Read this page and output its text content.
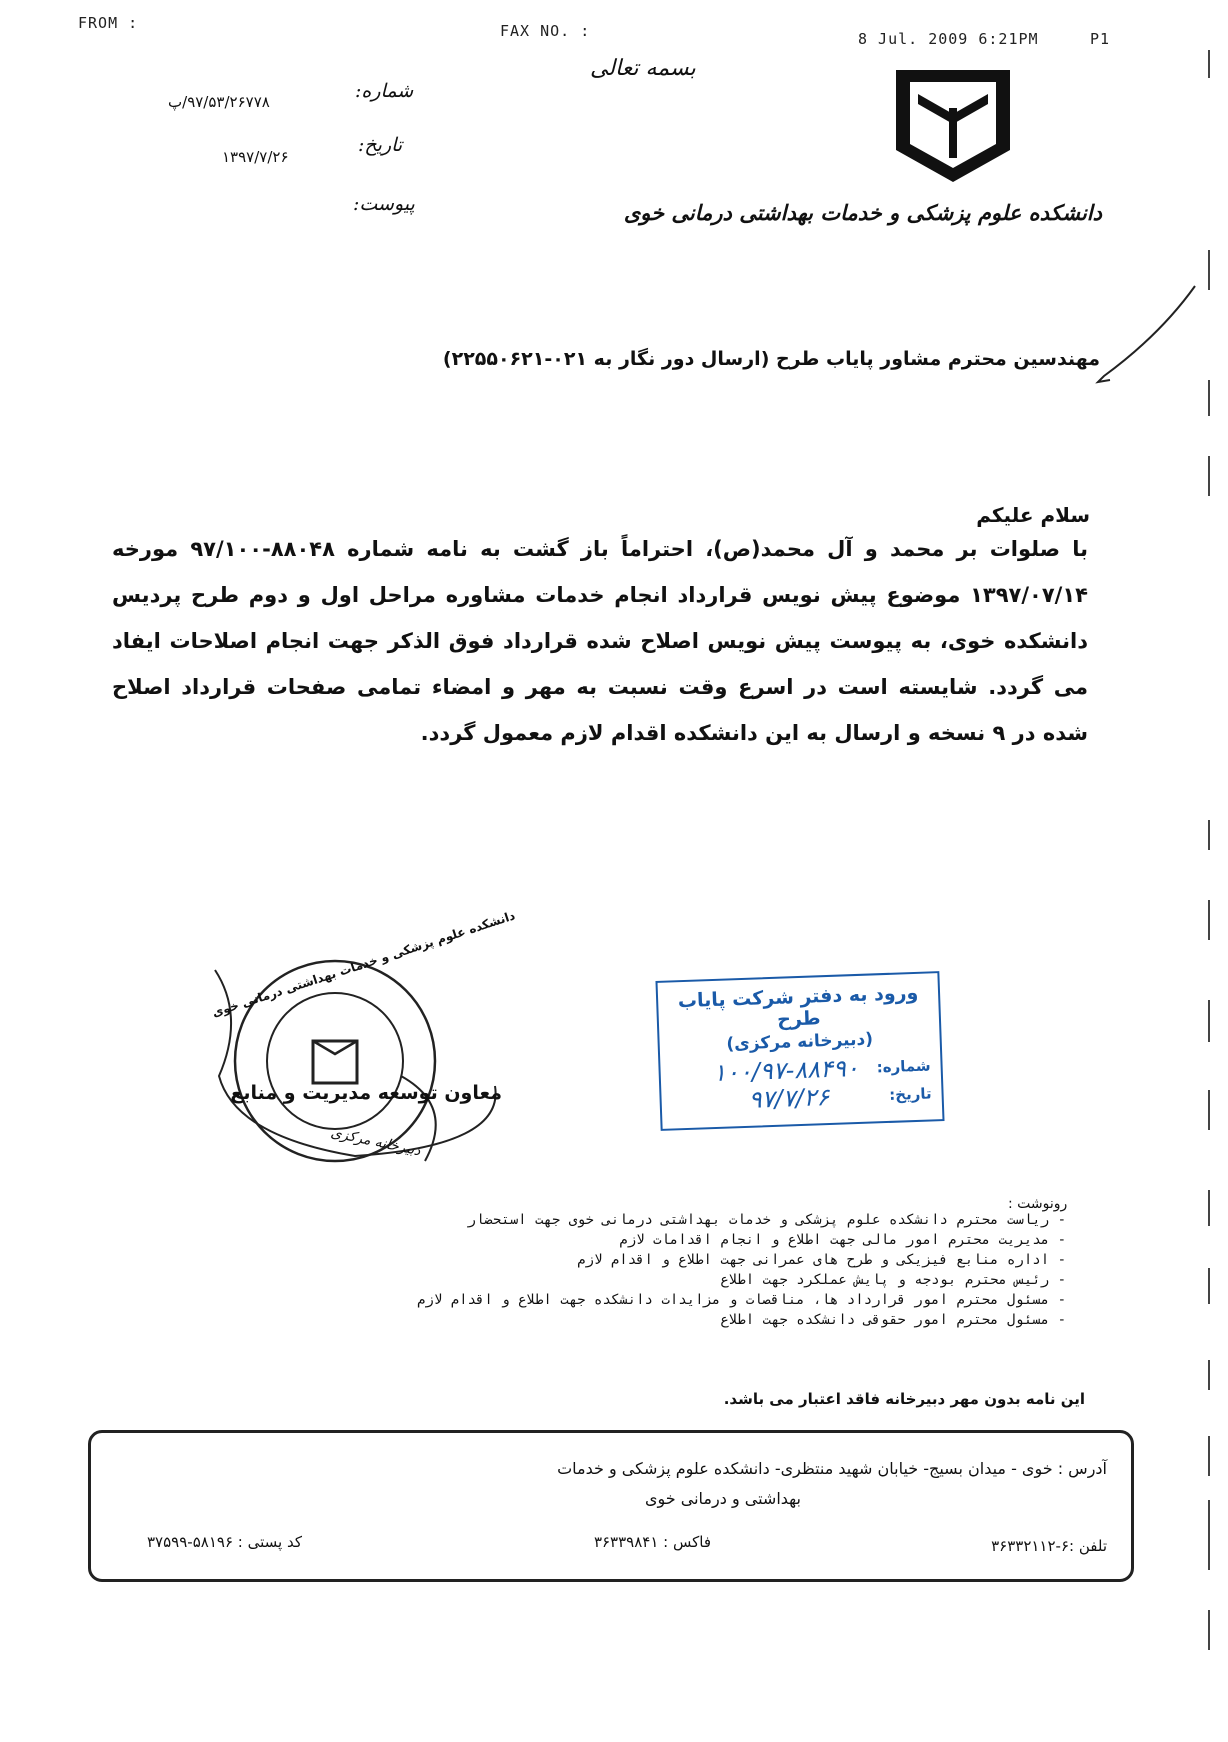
FROM :	FAX NO. :	8 Jul. 2009 6:21PM	P1
بسمه تعالی
شماره:
۹۷/۵۳/۲۶۷۷۸/پ
تاریخ:
۱۳۹۷/۷/۲۶
پیوست:	دانشکده علوم پزشکی و خدمات بهداشتی درمانی خوی
مهندسین محترم مشاور پایاب طرح (ارسال دور نگار به ۰۲۱-۲۲۵۵۰۶۲۱)
سلام علیکم
با صلوات بر محمد و آل محمد(ص)، احتراماً باز گشت به نامه شماره ۸۸۰۴۸-۹۷/۱۰۰ مورخه ۱۳۹۷/۰۷/۱۴ موضوع پیش نویس قرارداد انجام خدمات مشاوره مراحل اول و دوم طرح پردیس دانشکده خوی، به پیوست پیش نویس اصلاح شده قرارداد فوق الذکر جهت انجام اصلاحات ایفاد می گردد. شایسته است در اسرع وقت نسبت به مهر و امضاء تمامی صفحات قرارداد اصلاح شده در ۹ نسخه و ارسال به این دانشکده اقدام لازم معمول گردد.
دانشکده علوم پزشکی و خدمات بهداشتی درمانی خوی
دبیرخانه مرکزی
معاون توسعه مدیریت و منابع
ورود به دفتر شرکت پایاب طرح
(دبیرخانه مرکزی)
شماره:
۱۰۰/۹۷-۸۸۴۹۰
تاریخ:
۹۷/۷/۲۶
رونوشت :
- ریاست محترم دانشکده علوم پزشکی و خدمات بهداشتی درمانی خوی جهت استحضار
- مدیریت محترم امور مالی جهت اطلاع و انجام اقدامات لازم
- اداره منابع فیزیکی و طرح های عمرانی جهت اطلاع و اقدام لازم
- رئیس محترم بودجه و پایش عملکرد جهت اطلاع
- مسئول محترم امور قرارداد ها، مناقصات و مزایدات دانشکده جهت اطلاع و اقدام لازم
- مسئول محترم امور حقوقی دانشکده جهت اطلاع
این نامه بدون مهر دبیرخانه فاقد اعتبار می باشد.
آدرس : خوی - میدان بسیج- خیابان شهید منتظری- دانشکده علوم پزشکی و خدمات
بهداشتی و درمانی خوی
تلفن :۶-۳۶۳۳۲۱۱۲
فاکس : ۳۶۳۳۹۸۴۱
کد پستی : ۵۸۱۹۶-۳۷۵۹۹
